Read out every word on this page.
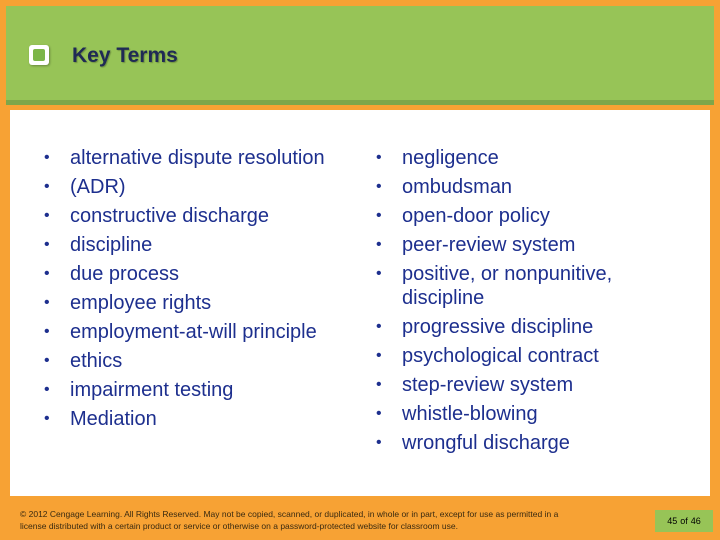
Key Terms
• alternative dispute resolution
• (ADR)
• constructive discharge
• discipline
• due process
• employee rights
• employment-at-will principle
• ethics
• impairment testing
• Mediation
• negligence
• ombudsman
• open-door policy
• peer-review system
• positive, or nonpunitive, discipline
• progressive discipline
• psychological contract
• step-review system
• whistle-blowing
• wrongful discharge

© 2012 Cengage Learning. All Rights Reserved. May not be copied, scanned, or duplicated, in whole or in part, except for use as permitted in a license distributed with a certain product or service or otherwise on a password-protected website for classroom use.	45 of 46
